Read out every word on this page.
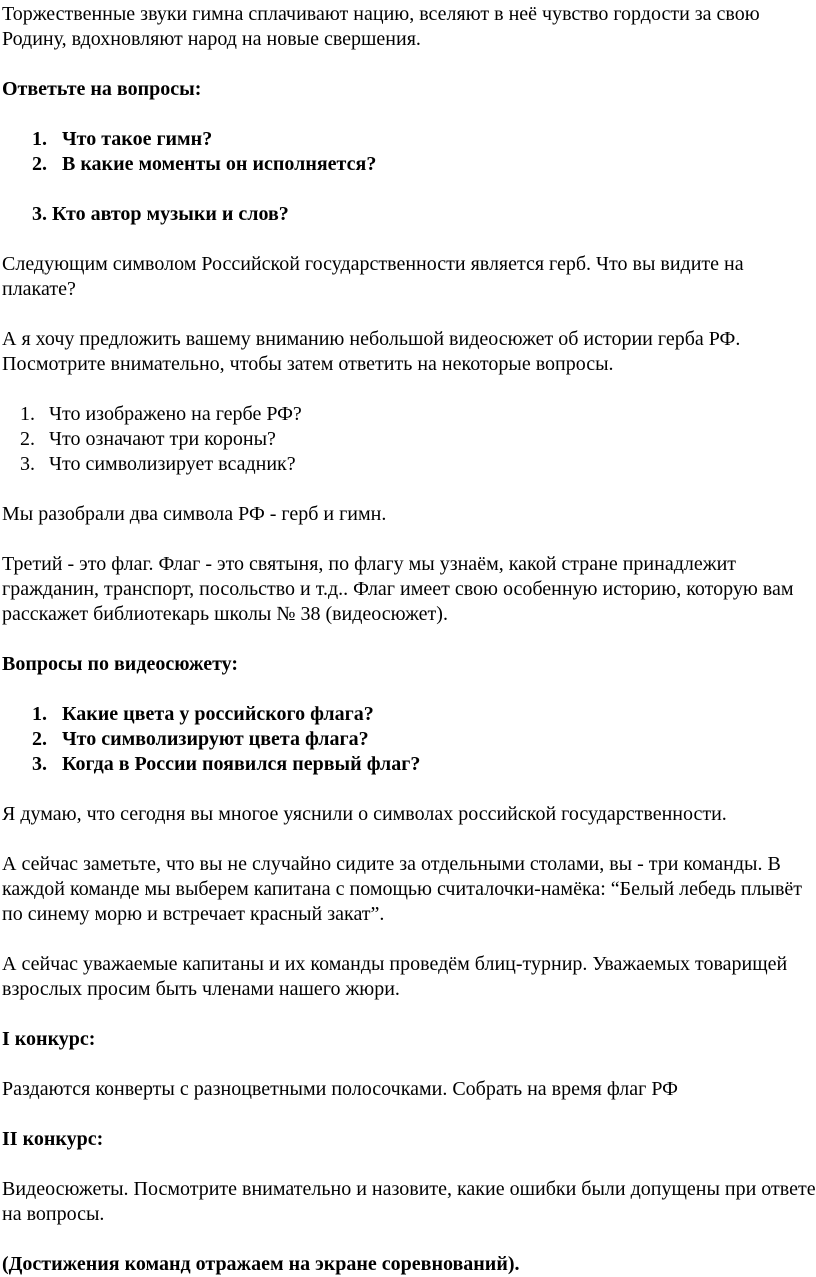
Торжественные звуки гимна сплачивают нацию, вселяют в неё чувство гордости за свою Родину, вдохновляют народ на новые свершения.

Ответьте на вопросы:

1. Что такое гимн?
2. В какие моменты он исполняется?

3. Кто автор музыки и слов?

Следующим символом Российской государственности является герб. Что вы видите на плакате?

А я хочу предложить вашему вниманию небольшой видеосюжет об истории герба РФ. Посмотрите внимательно, чтобы затем ответить на некоторые вопросы.

1. Что изображено на гербе РФ?
2. Что означают три короны?
3. Что символизирует всадник?

Мы разобрали два символа РФ - герб и гимн.

Третий - это флаг. Флаг - это святыня, по флагу мы узнаём, какой стране принадлежит гражданин, транспорт, посольство и т.д.. Флаг имеет свою особенную историю, которую вам расскажет библиотекарь школы № 38 (видеосюжет).

Вопросы по видеосюжету:

1. Какие цвета у российского флага?
2. Что символизируют цвета флага?
3. Когда в России появился первый флаг?

Я думаю, что сегодня вы многое уяснили о символах российской государственности.

А сейчас заметьте, что вы не случайно сидите за отдельными столами, вы - три команды. В каждой команде мы выберем капитана с помощью считалочки-намёка: “Белый лебедь плывёт по синему морю и встречает красный закат”.

А сейчас уважаемые капитаны и их команды проведём блиц-турнир. Уважаемых товарищей взрослых просим быть членами нашего жюри.

I конкурс:

Раздаются конверты с разноцветными полосочками. Собрать на время флаг РФ

II конкурс:

Видеосюжеты. Посмотрите внимательно и назовите, какие ошибки были допущены при ответе на вопросы.

(Достижения команд отражаем на экране соревнований).
